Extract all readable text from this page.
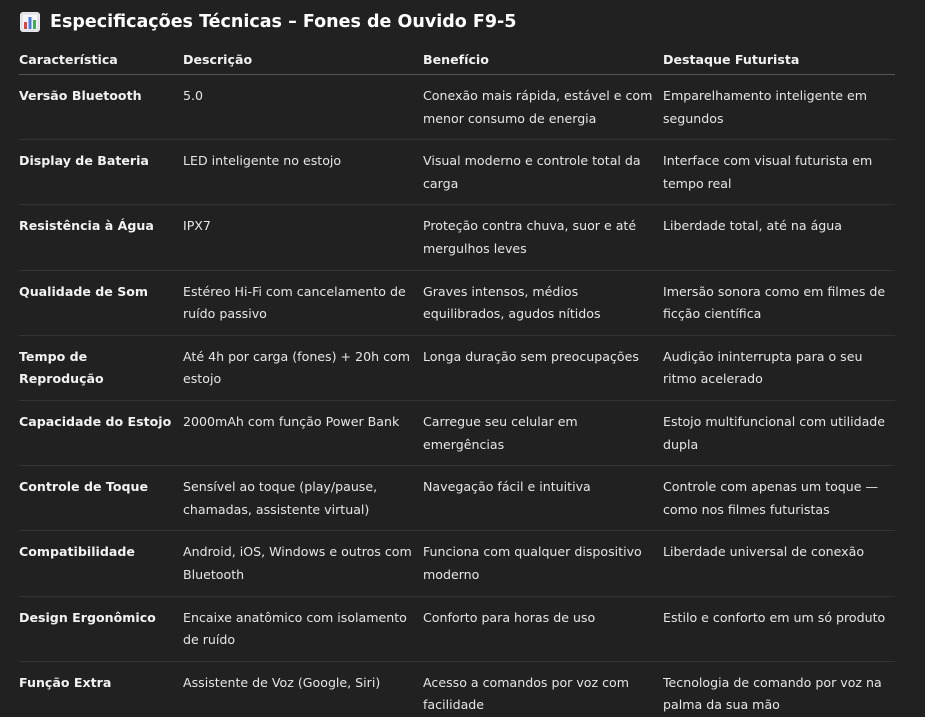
Especificações Técnicas – Fones de Ouvido F9-5
Característica	Descrição	Benefício	Destaque Futurista
Versão Bluetooth	5.0	Conexão mais rápida, estável e com menor consumo de energia	Emparelhamento inteligente em segundos
Display de Bateria	LED inteligente no estojo	Visual moderno e controle total da carga	Interface com visual futurista em tempo real
Resistência à Água	IPX7	Proteção contra chuva, suor e até mergulhos leves	Liberdade total, até na água
Qualidade de Som	Estéreo Hi-Fi com cancelamento de ruído passivo	Graves intensos, médios equilibrados, agudos nítidos	Imersão sonora como em filmes de ficção científica
Tempo de Reprodução	Até 4h por carga (fones) + 20h com estojo	Longa duração sem preocupações	Audição ininterrupta para o seu ritmo acelerado
Capacidade do Estojo	2000mAh com função Power Bank	Carregue seu celular em emergências	Estojo multifuncional com utilidade dupla
Controle de Toque	Sensível ao toque (play/pause, chamadas, assistente virtual)	Navegação fácil e intuitiva	Controle com apenas um toque — como nos filmes futuristas
Compatibilidade	Android, iOS, Windows e outros com Bluetooth	Funciona com qualquer dispositivo moderno	Liberdade universal de conexão
Design Ergonômico	Encaixe anatômico com isolamento de ruído	Conforto para horas de uso	Estilo e conforto em um só produto
Função Extra	Assistente de Voz (Google, Siri)	Acesso a comandos por voz com facilidade	Tecnologia de comando por voz na palma da sua mão
